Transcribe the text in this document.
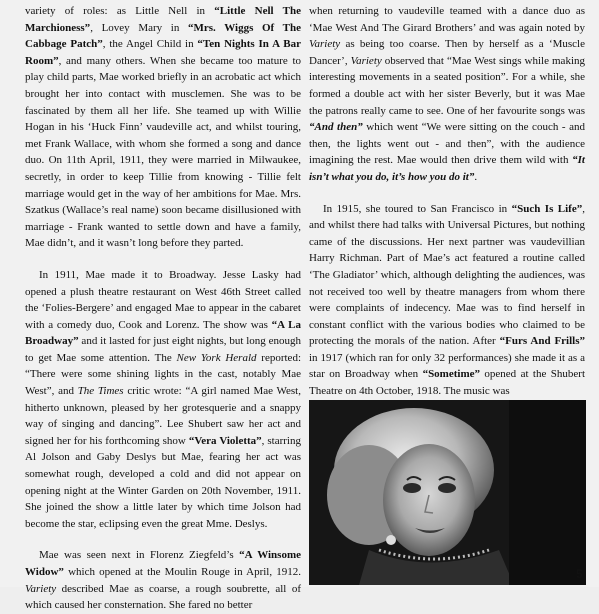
variety of roles: as Little Nell in “Little Nell The Marchioness”, Lovey Mary in “Mrs. Wiggs Of The Cabbage Patch”, the Angel Child in “Ten Nights In A Bar Room”, and many others. When she became too mature to play child parts, Mae worked briefly in an acrobatic act which brought her into contact with musclemen. She was to be fascinated by them all her life. She teamed up with Willie Hogan in his ‘Huck Finn’ vaudeville act, and whilst touring, met Frank Wallace, with whom she formed a song and dance duo. On 11th April, 1911, they were married in Milwaukee, secretly, in order to keep Tillie from knowing - Tillie felt marriage would get in the way of her ambitions for Mae. Mrs. Szatkus (Wallace’s real name) soon became disillusioned with marriage - Frank wanted to settle down and have a family, Mae didn’t, and it wasn’t long before they parted.

In 1911, Mae made it to Broadway. Jesse Lasky had opened a plush theatre restaurant on West 46th Street called the ‘Folies-Bergere’ and engaged Mae to appear in the cabaret with a comedy duo, Cook and Lorenz. The show was “A La Broadway” and it lasted for just eight nights, but long enough to get Mae some attention. The New York Herald reported: “There were some shining lights in the cast, notably Mae West”, and The Times critic wrote: “A girl named Mae West, hitherto unknown, pleased by her grotesquerie and a snappy way of singing and dancing”. Lee Shubert saw her act and signed her for his forthcoming show “Vera Violetta”, starring Al Jolson and Gaby Deslys but Mae, fearing her act was somewhat rough, developed a cold and did not appear on opening night at the Winter Garden on 20th November, 1911. She joined the show a little later by which time Jolson had become the star, eclipsing even the great Mme. Deslys.

Mae was seen next in Florenz Ziegfeld’s “A Winsome Widow” which opened at the Moulin Rouge in April, 1912. Variety described Mae as coarse, a rough soubrette, all of which caused her consternation. She fared no better

when returning to vaudeville teamed with a dance duo as ‘Mae West And The Girard Brothers’ and was again noted by Variety as being too coarse. Then by herself as a ‘Muscle Dancer’, Variety observed that “Mae West sings while making interesting movements in a seated position”. For a while, she formed a double act with her sister Beverly, but it was Mae the patrons really came to see. One of her favourite songs was “And then” which went “We were sitting on the couch - and then, the lights went out - and then”, with the audience imagining the rest. Mae would then drive them wild with “It isn’t what you do, it’s how you do it”.

In 1915, she toured to San Francisco in “Such Is Life”, and whilst there had talks with Universal Pictures, but nothing came of the discussions. Her next partner was vaudevillian Harry Richman. Part of Mae’s act featured a routine called ‘The Gladiator’ which, although delighting the audiences, was not received too well by theatre managers from whom there were complaints of indecency. Mae was to find herself in constant conflict with the various bodies who claimed to be protecting the morals of the nation. After “Furs And Frills” in 1917 (which ran for only 32 performances) she made it as a star on Broadway when “Sometime” opened at the Shubert Theatre on 4th October, 1918. The music was

5
